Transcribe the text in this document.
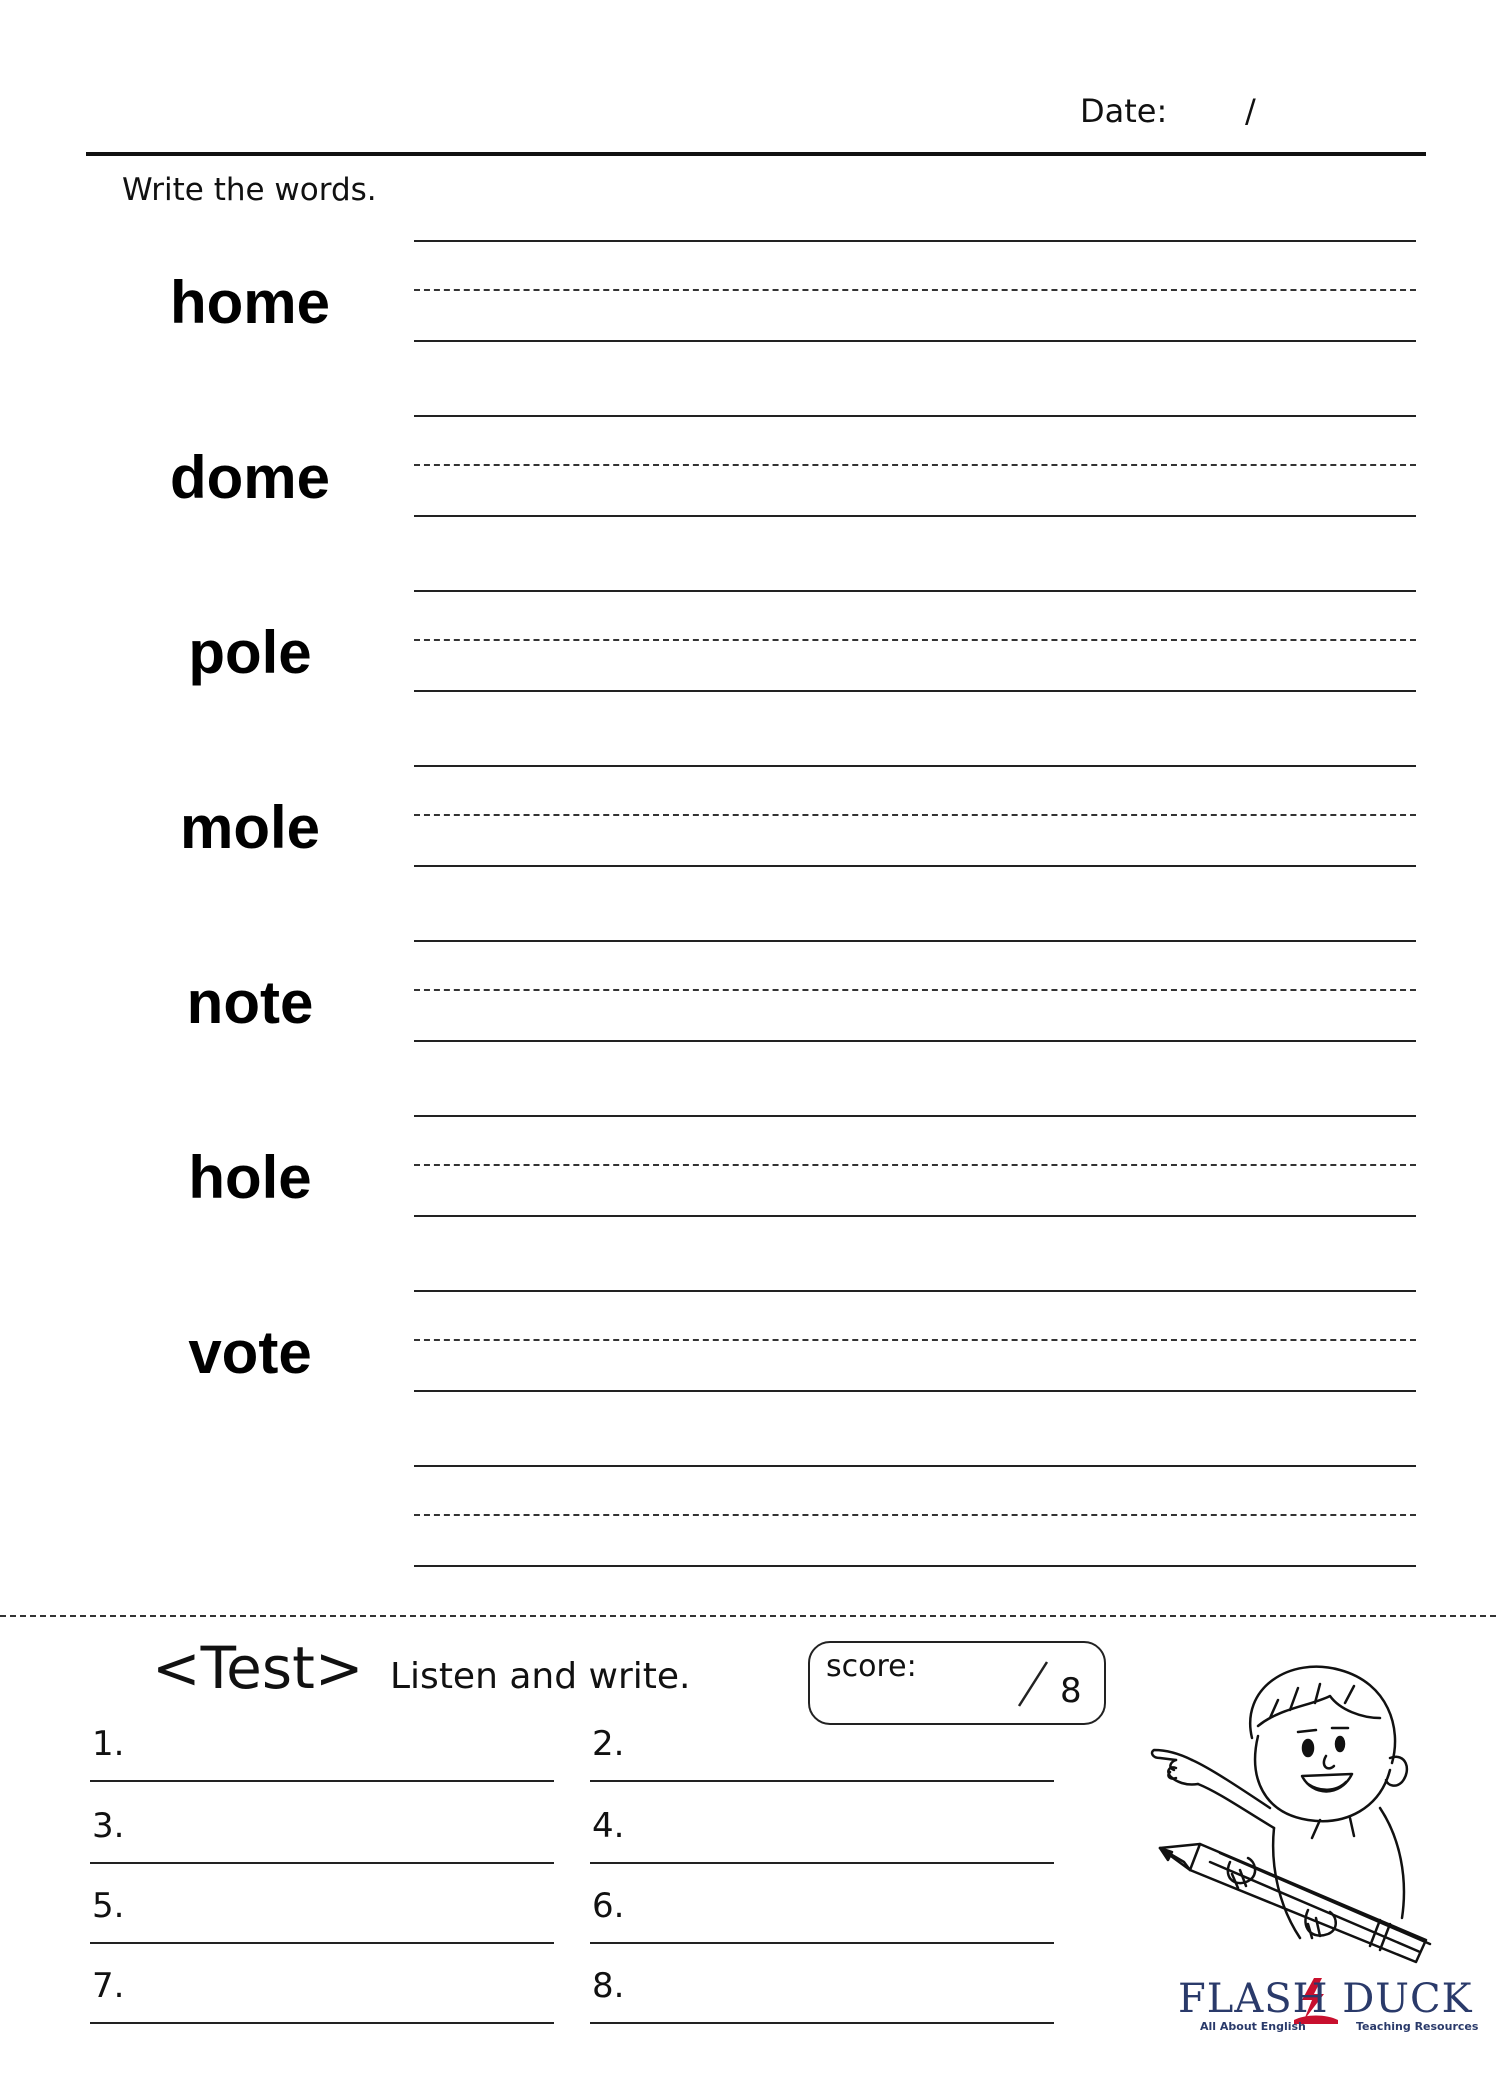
Date: /
Write the words.
home
dome
pole
mole
note
hole
vote
<Test> Listen and write.	score:
8
1.	2.
3.	4.
5.	6.
7.	8.	FLASH DUCK
All About English	Teaching Resources
